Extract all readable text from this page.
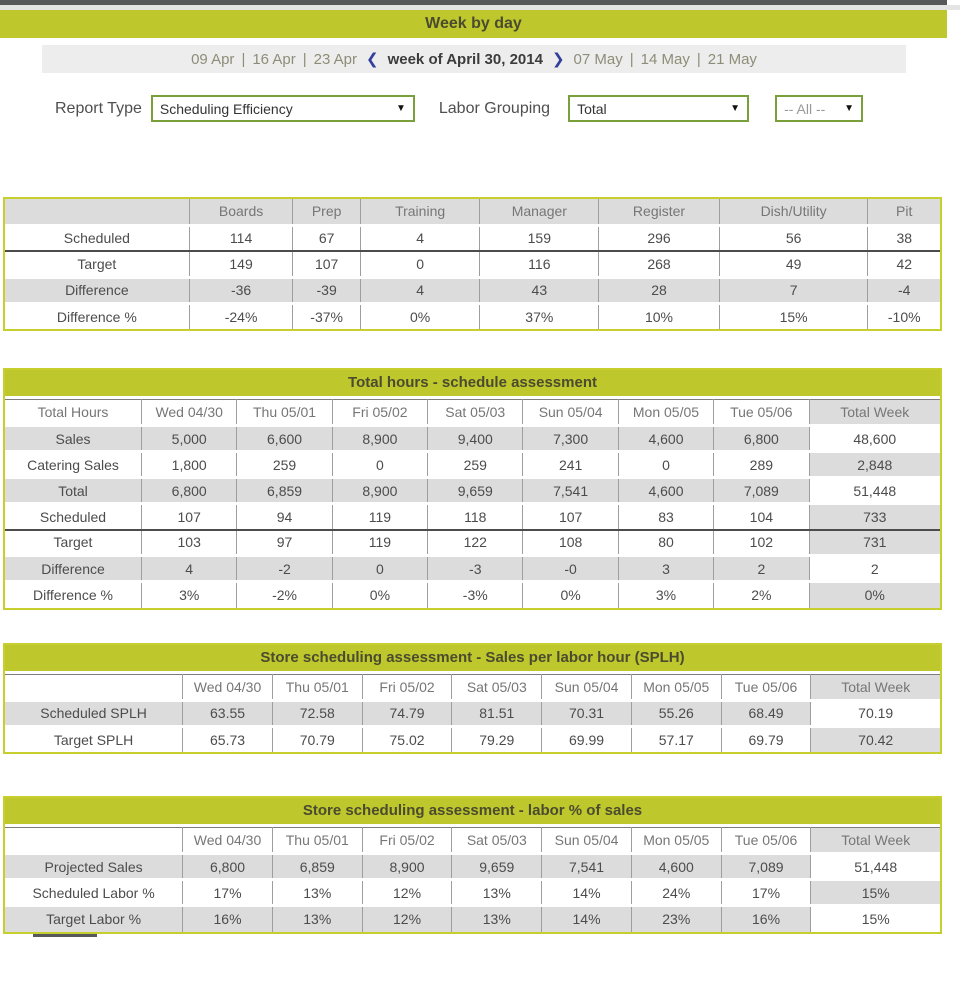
Week by day
09 Apr | 16 Apr | 23 Apr ❮ week of April 30, 2014 ❯ 07 May | 14 May | 21 May
Report Type Scheduling Efficiency	▼ Labor Grouping Total	▼	-- All -- ▼
	Boards	Prep	Training	Manager	Register	Dish/Utility	Pit
Scheduled	114	67	4	159	296	56	38
Target	149	107	0	116	268	49	42
Difference	-36	-39	4	43	28	7	-4
Difference %	-24%	-37%	0%	37%	10%	15%	-10%
Total hours - schedule assessment
Total Hours	Wed 04/30	Thu 05/01	Fri 05/02	Sat 05/03	Sun 05/04	Mon 05/05	Tue 05/06	Total Week
Sales	5,000	6,600	8,900	9,400	7,300	4,600	6,800	48,600
Catering Sales	1,800	259	0	259	241	0	289	2,848
Total	6,800	6,859	8,900	9,659	7,541	4,600	7,089	51,448
Scheduled	107	94	119	118	107	83	104	733
Target	103	97	119	122	108	80	102	731
Difference	4	-2	0	-3	-0	3	2	2
Difference %	3%	-2%	0%	-3%	0%	3%	2%	0%
Store scheduling assessment - Sales per labor hour (SPLH)
	Wed 04/30	Thu 05/01	Fri 05/02	Sat 05/03	Sun 05/04	Mon 05/05	Tue 05/06	Total Week
Scheduled SPLH	63.55	72.58	74.79	81.51	70.31	55.26	68.49	70.19
Target SPLH	65.73	70.79	75.02	79.29	69.99	57.17	69.79	70.42
Store scheduling assessment - labor % of sales
	Wed 04/30	Thu 05/01	Fri 05/02	Sat 05/03	Sun 05/04	Mon 05/05	Tue 05/06	Total Week
Projected Sales	6,800	6,859	8,900	9,659	7,541	4,600	7,089	51,448
Scheduled Labor %	17%	13%	12%	13%	14%	24%	17%	15%
Target Labor %	16%	13%	12%	13%	14%	23%	16%	15%
